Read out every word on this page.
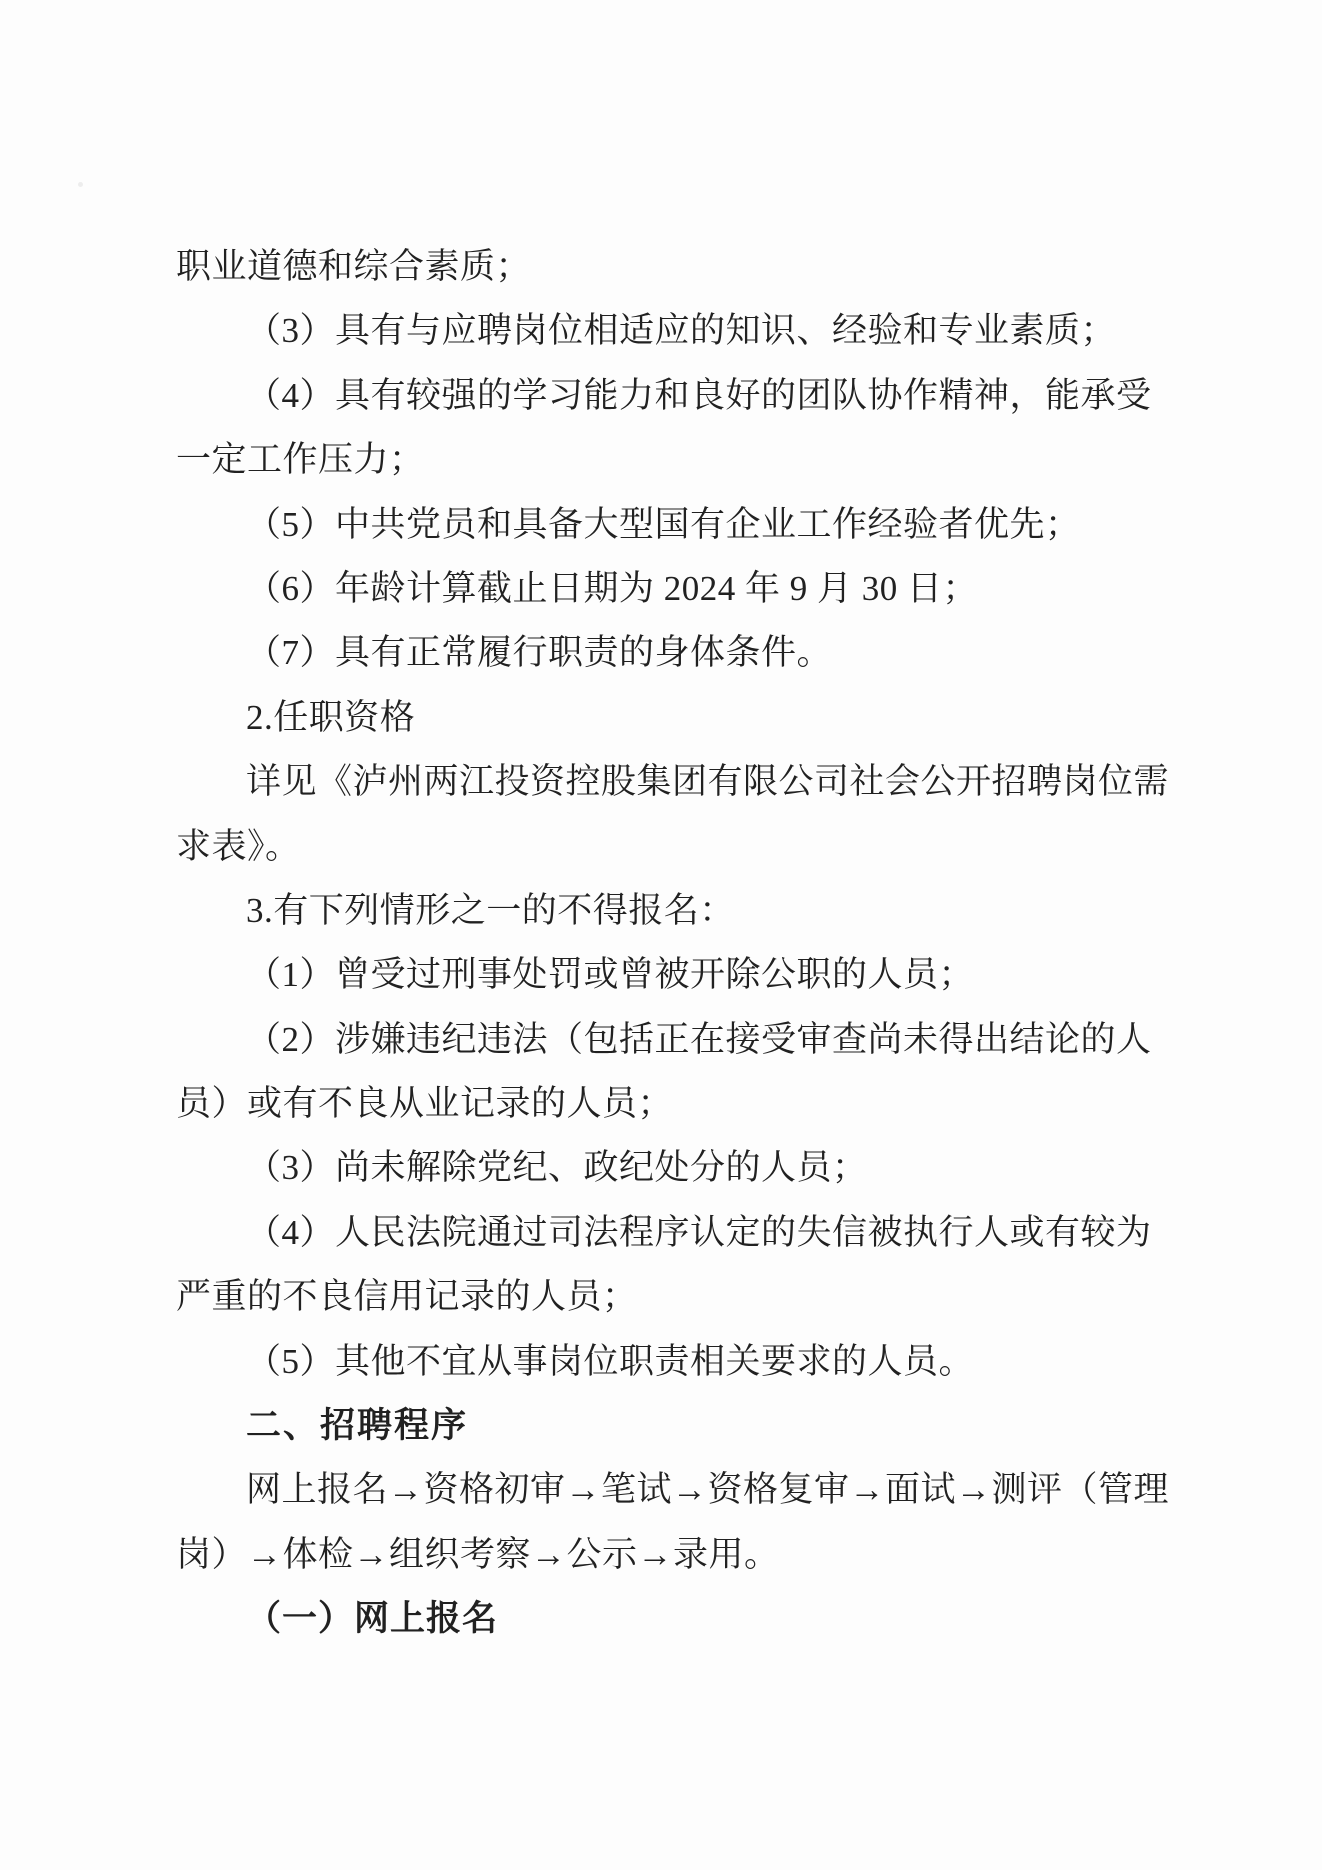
职业道德和综合素质；
（3）具有与应聘岗位相适应的知识、经验和专业素质；
（4）具有较强的学习能力和良好的团队协作精神，能承受
一定工作压力；
（5）中共党员和具备大型国有企业工作经验者优先；
（6）年龄计算截止日期为 2024 年 9 月 30 日；
（7）具有正常履行职责的身体条件。
2.任职资格
详见《泸州两江投资控股集团有限公司社会公开招聘岗位需
求表》。
3.有下列情形之一的不得报名：
（1）曾受过刑事处罚或曾被开除公职的人员；
（2）涉嫌违纪违法（包括正在接受审查尚未得出结论的人
员）或有不良从业记录的人员；
（3）尚未解除党纪、政纪处分的人员；
（4）人民法院通过司法程序认定的失信被执行人或有较为
严重的不良信用记录的人员；
（5）其他不宜从事岗位职责相关要求的人员。
二、招聘程序
网上报名→资格初审→笔试→资格复审→面试→测评（管理
岗）→体检→组织考察→公示→录用。
（一）网上报名
